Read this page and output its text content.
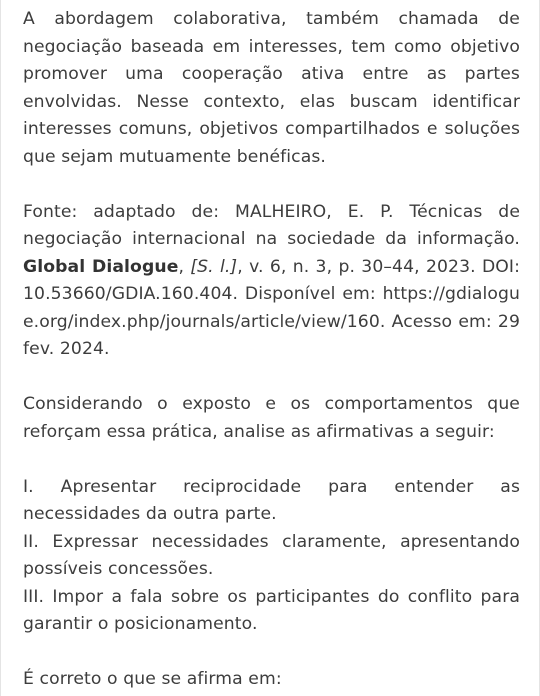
A abordagem colaborativa, também chamada de negociação baseada em interesses, tem como objetivo promover uma cooperação ativa entre as partes envolvidas. Nesse contexto, elas buscam identificar interesses comuns, objetivos compartilhados e soluções que sejam mutuamente benéficas.

Fonte: adaptado de: MALHEIRO, E. P. Técnicas de negociação internacional na sociedade da informação. Global Dialogue, [S. l.], v. 6, n. 3, p. 30–44, 2023. DOI: 10.53660/GDIA.160.404. Disponível em: https://gdialogue.org/index.php/journals/article/view/160. Acesso em: 29 fev. 2024.

Considerando o exposto e os comportamentos que reforçam essa prática, analise as afirmativas a seguir:

I. Apresentar reciprocidade para entender as necessidades da outra parte.

II. Expressar necessidades claramente, apresentando possíveis concessões.

III. Impor a fala sobre os participantes do conflito para garantir o posicionamento.

É correto o que se afirma em:
